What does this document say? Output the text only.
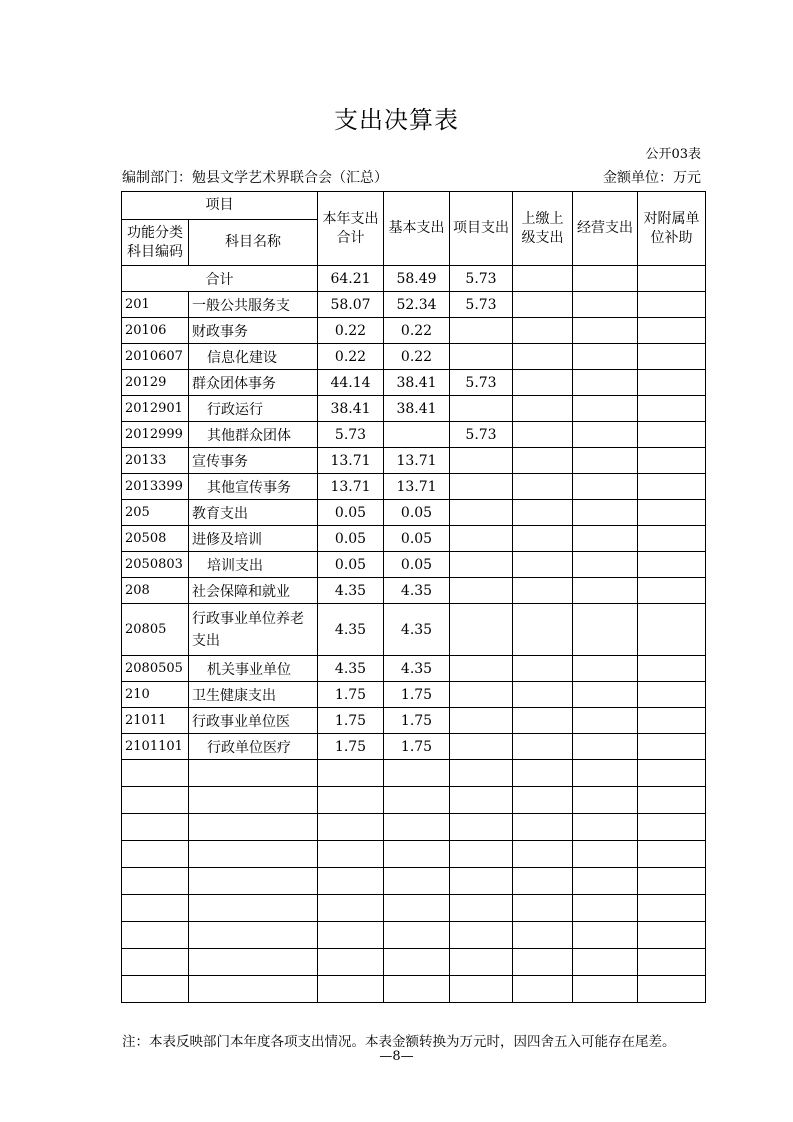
支出决算表
公开03表
编制部门：勉县文学艺术界联合会（汇总）	金额单位：万元
项目		本年支出合计	基本支出	项目支出	上缴上级支出	经营支出	对附属单位补助
功能分类科目编码	科目名称						
合计		64.21	58.49	5.73			
201	一般公共服务支	58.07	52.34	5.73			
20106	财政事务	0.22	0.22				
2010607	信息化建设	0.22	0.22				
20129	群众团体事务	44.14	38.41	5.73			
2012901	行政运行	38.41	38.41				
2012999	其他群众团体	5.73		5.73			
20133	宣传事务	13.71	13.71				
2013399	其他宣传事务	13.71	13.71				
205	教育支出	0.05	0.05				
20508	进修及培训	0.05	0.05				
2050803	培训支出	0.05	0.05				
208	社会保障和就业	4.35	4.35				
20805	行政事业单位养老支出	4.35	4.35				
2080505	机关事业单位	4.35	4.35				
210	卫生健康支出	1.75	1.75				
21011	行政事业单位医	1.75	1.75				
2101101	行政单位医疗	1.75	1.75				

注：本表反映部门本年度各项支出情况。本表金额转换为万元时，因四舍五入可能存在尾差。
—8—
